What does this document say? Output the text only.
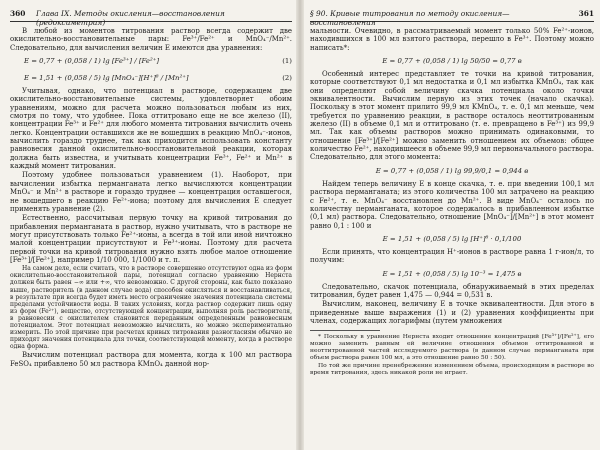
360 Глава IX. Методы окисления—восстановления (редоксиметрия)

В любой из моментов титрования раствор всегда содержит две окислительно-восстановительные пары: Fe³⁺/Fe²⁺ и MnO₄⁻/Mn²⁺. Следовательно, для вычисления величин E имеются два уравнения:

E = 0,77 + (0,058 / 1) lg [Fe³⁺] / [Fe²⁺]	(1)
E = 1,51 + (0,058 / 5) lg [MnO₄⁻][H⁺]⁸ / [Mn²⁺]	(2)

Учитывая, однако, что потенциал в растворе, содержащем две окислительно-восстановительные системы, удовлетворяет обоим уравнениям, можно для расчета можно пользоваться любым из них, смотря по тому, что удобнее. Пока оттитровано еще не все железо (II), концентрации Fe³⁺ и Fe²⁺ для любого момента титрования вычислить очень легко. Концентрации оставшихся же не вошедших в реакцию MnO₄⁻-ионов, вычислить гораздо труднее, так как приходится использовать константу равновесия данной окислительно-восстановительной реакции, которая должна быть известна, и учитывать концентрации Fe³⁺, Fe²⁺ и Mn²⁺ в каждый момент титрования.

Поэтому удобнее пользоваться уравнением (1). Наоборот, при вычислении избытка перманганата легко вычисляются концентрации MnO₄⁻ и Mn²⁺ в растворе и гораздо труднее — концентрация оставшегося, не вошедшего в реакцию Fe²⁺-иона; поэтому для вычисления E следует применять уравнение (2).

Естественно, рассчитывая первую точку на кривой титрования до прибавления перманганата в раствор, нужно учитывать, что в растворе не могут присутствовать только Fe²⁺-ионы, а всегда в той или иной ничтожно малой концентрации присутствуют и Fe³⁺-ионы. Поэтому для расчета первой точки на кривой титрования нужно взять любое малое отношение [Fe³⁺]/[Fe²⁺], например 1/10 000, 1/1000 и т. п.

На самом деле, если считать, что в растворе совершенно отсутствуют одна из форм окислительно-восстановительной пары, потенциал согласно уравнению Нернста должен быть равен −∞ или +∞, что невозможно. С другой стороны, как было показано выше, растворитель (в данном случае вода) способен окисляться и восстанавливаться, в результате при всегда будет иметь место ограничение значения потенциала системы пределами устойчивости воды. В таких условиях, когда раствор содержит лишь одну из форм (Fe²⁺), вещество, отсутствующей концентрации, выполняя роль растворителя, в равновесии с окислителем становится переданным определенным равновесным потенциалом. Этот потенциал невозможно вычислить, но можно экспериментально измерить. По этой причине при расчетах кривых титрования разногласиям обычно не приходят значения потенциала для точки, соответствующей моменту, когда в растворе одна форма.

Вычислим потенциал раствора для момента, когда к 100 мл раствора FeSO₄ прибавлено 50 мл раствора KMnO₄ данной нор-

§ 90. Кривые титрования по методу окисления—восстановления
361

мальности. Очевидно, в рассматриваемый момент только 50% Fe²⁺-ионов, находившихся в 100 мл взятого раствора, перешло в Fe³⁺. Поэтому можно написать*:

E = 0,77 + (0,058 / 1) lg 50/50 = 0,77 в

Особенный интерес представляет те точки на кривой титрования, которые соответствуют 0,1 мл недостатка и 0,1 мл избытка KMnO₄, так как они определяют собой величину скачка потенциала около точки эквивалентности. Вычислим первую из этих точек (начало скачка). Поскольку в этот момент прилито 99,9 мл KMnO₄, т. е. 0,1 мл меньше, чем требуется по уравнению реакции, в растворе осталось неоттитрованным железо (II) в объеме 0,1 мл и оттитровано (т. е. превращено в Fe³⁺) из 99,9 мл. Так как объемы растворов можно принимать одинаковыми, то отношение [Fe³⁺]/[Fe²⁺] можно заменить отношением их объемов: общее количество Fe²⁺, находившееся в объеме 99,9 мл первоначального раствора. Следовательно, для этого момента:

E = 0,77 + (0,058 / 1) lg 99,9/0,1 = 0,944 в

Найдем теперь величину E в конце скачка, т. е. при введении 100,1 мл раствора перманганата; из этого количества 100 мл затрачено на реакцию с Fe²⁺, т. е. MnO₄⁻ восстановлен до Mn²⁺. В виде MnO₄⁻ осталось по количеству перманганата, которое содержалось в прибавленном избытке (0,1 мл) раствора. Следовательно, отношение [MnO₄⁻]/[Mn²⁺] в этот момент равно 0,1 : 100 и

E = 1,51 + (0,058 / 5) lg [H⁺]⁸ · 0,1/100

Если принять, что концентрация H⁺-ионов в растворе равна 1 г-ион/л, то получим:

E = 1,51 + (0,058 / 5) lg 10⁻³ = 1,475 в

Следовательно, скачок потенциала, обнаруживаемый в этих пределах титрования, будет равен 1,475 — 0,944 = 0,531 в.

Вычислим, наконец, величину E в точке эквивалентности. Для этого в приведенные выше выражения (1) и (2) уравнения коэффициенты при членах, содержащих логарифмы (путем умножения

* Поскольку в уравнение Нернста входит отношение концентраций [Fe³⁺]/[Fe²⁺], его можно заменить равным ей величине отношения объемов оттитрованной и неоттитрованной частей исследуемого раствора (в данном случае перманганата при объем раствора равен 100 мл, а это отношение равно 50 : 50).

По той же причине пренебрежение изменением объема, происходящим в растворе во время титрования, здесь никакой роли не играет.
